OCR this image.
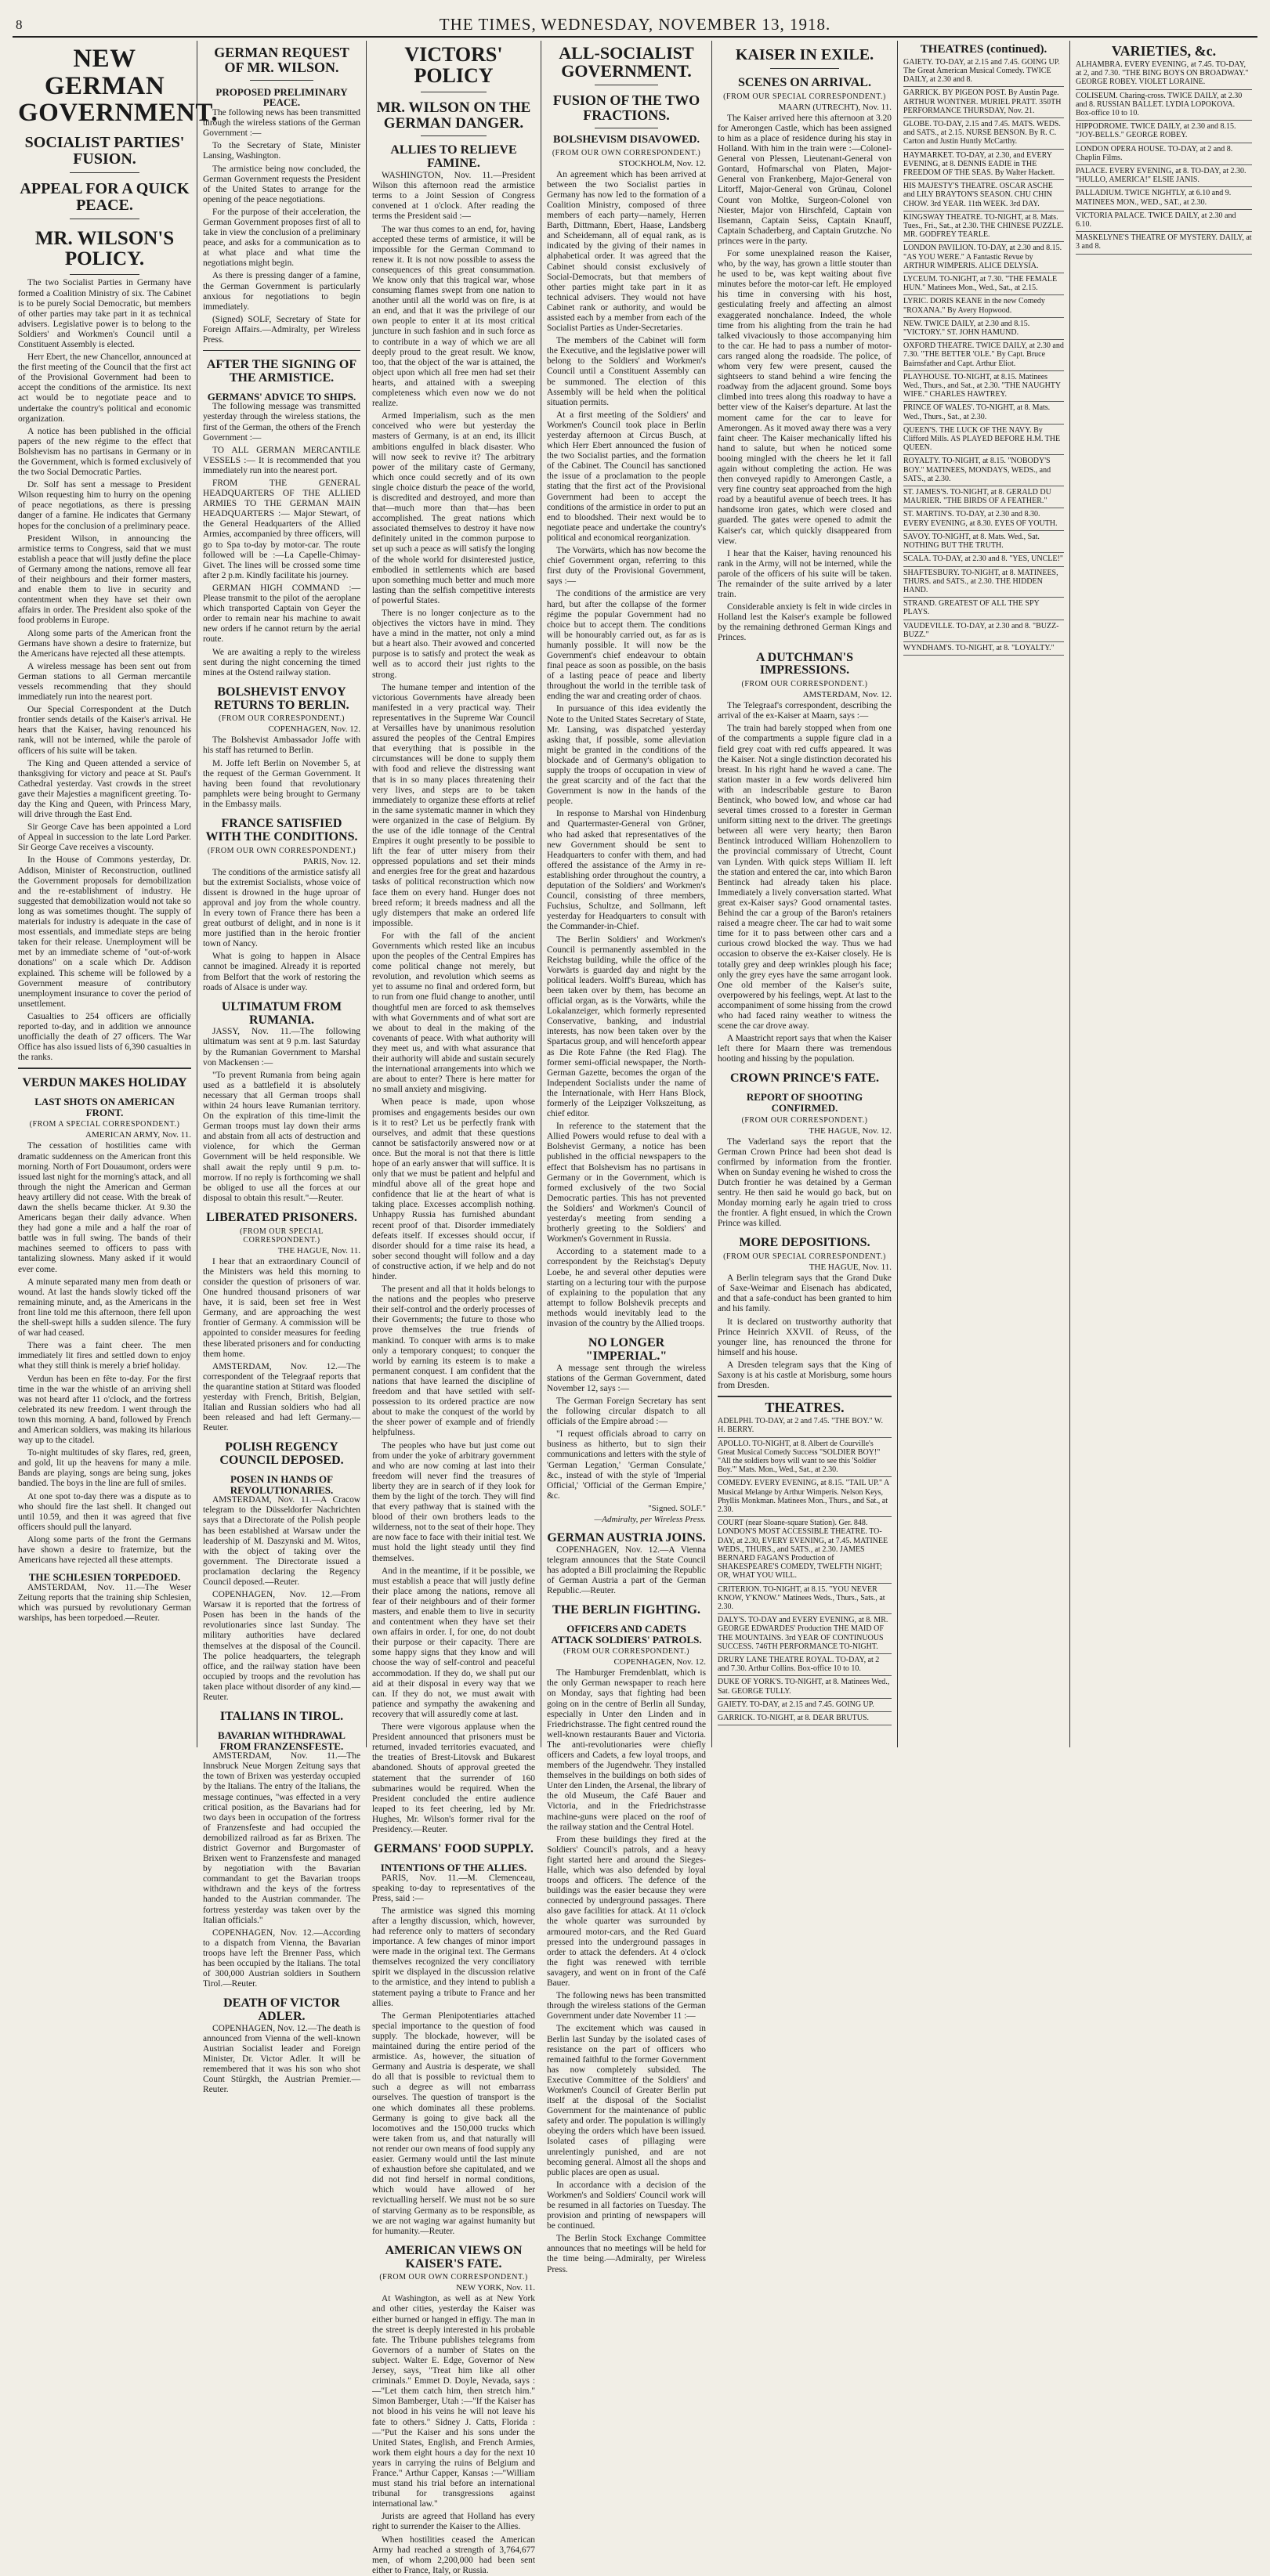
8	THE TIMES, WEDNESDAY, NOVEMBER 13, 1918.
NEW GERMAN GOVERNMENT.
SOCIALIST PARTIES' FUSION.
APPEAL FOR A QUICK PEACE.
MR. WILSON'S POLICY.

The two Socialist Parties in Germany have formed a Coalition Ministry of six. The Cabinet is to be purely Social Democratic, but members of other parties may take part in it as technical advisers. Legislative power is to belong to the Soldiers' and Workmen's Council until a Constituent Assembly is elected.

Herr Ebert, the new Chancellor, announced at the first meeting of the Council that the first act of the Provisional Government had been to accept the conditions of the armistice. Its next act would be to negotiate peace and to undertake the country's political and economic organization.

A notice has been published in the official papers of the new régime to the effect that Bolshevism has no partisans in Germany or in the Government, which is formed exclusively of the two Social Democratic Parties.

Dr. Solf has sent a message to President Wilson requesting him to hurry on the opening of peace negotiations, as there is pressing danger of a famine. He indicates that Germany hopes for the conclusion of a preliminary peace.

President Wilson, in announcing the armistice terms to Congress, said that we must establish a peace that will justly define the place of Germany among the nations, remove all fear of their neighbours and their former masters, and enable them to live in security and contentment when they have set their own affairs in order. The President also spoke of the food problems in Europe.

Along some parts of the American front the Germans have shown a desire to fraternize, but the Americans have rejected all these attempts.

A wireless message has been sent out from German stations to all German mercantile vessels recommending that they should immediately run into the nearest port.

Our Special Correspondent at the Dutch frontier sends details of the Kaiser's arrival. He hears that the Kaiser, having renounced his rank, will not be interned, while the parole of officers of his suite will be taken.

The King and Queen attended a service of thanksgiving for victory and peace at St. Paul's Cathedral yesterday. Vast crowds in the street gave their Majesties a magnificent greeting. To-day the King and Queen, with Princess Mary, will drive through the East End.

Sir George Cave has been appointed a Lord of Appeal in succession to the late Lord Parker. Sir George Cave receives a viscounty.

In the House of Commons yesterday, Dr. Addison, Minister of Reconstruction, outlined the Government proposals for demobilization and the re-establishment of industry. He suggested that demobilization would not take so long as was sometimes thought. The supply of materials for industry is adequate in the case of most essentials, and immediate steps are being taken for their release. Unemployment will be met by an immediate scheme of "out-of-work donations" on a scale which Dr. Addison explained. This scheme will be followed by a Government measure of contributory unemployment insurance to cover the period of unsettlement.

Casualties to 254 officers are officially reported to-day, and in addition we announce unofficially the death of 27 officers. The War Office has also issued lists of 6,390 casualties in the ranks.

VERDUN MAKES HOLIDAY
LAST SHOTS ON AMERICAN FRONT.
(FROM A SPECIAL CORRESPONDENT.)
AMERICAN ARMY, Nov. 11.

The cessation of hostilities came with dramatic suddenness on the American front this morning. North of Fort Douaumont, orders were issued last night for the morning's attack, and all through the night the American and German heavy artillery did not cease. With the break of dawn the shells became thicker. At 9.30 the Americans began their daily advance. When they had gone a mile and a half the roar of battle was in full swing. The bands of their machines seemed to officers to pass with tantalizing slowness. Many asked if it would ever come.

A minute separated many men from death or wound. At last the hands slowly ticked off the remaining minute, and, as the Americans in the front line told me this afternoon, there fell upon the shell-swept hills a sudden silence. The fury of war had ceased.

There was a faint cheer. The men immediately lit fires and settled down to enjoy what they still think is merely a brief holiday.

Verdun has been en fête to-day. For the first time in the war the whistle of an arriving shell was not heard after 11 o'clock, and the fortress celebrated its new freedom. I went through the town this morning. A band, followed by French and American soldiers, was making its hilarious way up to the citadel.

To-night multitudes of sky flares, red, green, and gold, lit up the heavens for many a mile. Bands are playing, songs are being sung, jokes bandied. The boys in the line are full of smiles.

At one spot to-day there was a dispute as to who should fire the last shell. It changed out until 10.59, and then it was agreed that five officers should pull the lanyard.

Along some parts of the front the Germans have shown a desire to fraternize, but the Americans have rejected all these attempts.

THE SCHLESIEN TORPEDOED.

AMSTERDAM, Nov. 11.—The Weser Zeitung reports that the training ship Schlesien, which was pursued by revolutionary German warships, has been torpedoed.—Reuter.

GERMAN REQUEST OF MR. WILSON.
PROPOSED PRELIMINARY PEACE.

The following news has been transmitted through the wireless stations of the German Government :—

To the Secretary of State, Minister Lansing, Washington.

The armistice being now concluded, the German Government requests the President of the United States to arrange for the opening of the peace negotiations.

For the purpose of their acceleration, the German Government proposes first of all to take in view the conclusion of a preliminary peace, and asks for a communication as to at what place and what time the negotiations might begin.

As there is pressing danger of a famine, the German Government is particularly anxious for negotiations to begin immediately.

(Signed) SOLF, Secretary of State for Foreign Affairs.—Admiralty, per Wireless Press.

AFTER THE SIGNING OF THE ARMISTICE.
GERMANS' ADVICE TO SHIPS.

The following message was transmitted yesterday through the wireless stations, the first of the German, the others of the French Government :—

TO ALL GERMAN MERCANTILE VESSELS :— It is recommended that you immediately run into the nearest port.

FROM THE GENERAL HEADQUARTERS OF THE ALLIED ARMIES TO THE GERMAN MAIN HEADQUARTERS :— Major Stewart, of the General Headquarters of the Allied Armies, accompanied by three officers, will go to Spa to-day by motor-car. The route followed will be :—La Capelle-Chimay-Givet. The lines will be crossed some time after 2 p.m. Kindly facilitate his journey.

GERMAN HIGH COMMAND :— Please transmit to the pilot of the aeroplane which transported Captain von Geyer the order to remain near his machine to await new orders if he cannot return by the aerial route.

We are awaiting a reply to the wireless sent during the night concerning the timed mines at the Ostend railway station.

BOLSHEVIST ENVOY RETURNS TO BERLIN.
(FROM OUR CORRESPONDENT.)
COPENHAGEN, Nov. 12.

The Bolshevist Ambassador Joffe with his staff has returned to Berlin.

M. Joffe left Berlin on November 5, at the request of the German Government. It having been found that revolutionary pamphlets were being brought to Germany in the Embassy mails.

FRANCE SATISFIED WITH THE CONDITIONS.
(FROM OUR OWN CORRESPONDENT.)
PARIS, Nov. 12.

The conditions of the armistice satisfy all but the extremist Socialists, whose voice of dissent is drowned in the huge uproar of approval and joy from the whole country. In every town of France there has been a great outburst of delight, and in none is it more justified than in the heroic frontier town of Nancy.

What is going to happen in Alsace cannot be imagined. Already it is reported from Belfort that the work of restoring the roads of Alsace is under way.

ULTIMATUM FROM RUMANIA.

JASSY, Nov. 11.—The following ultimatum was sent at 9 p.m. last Saturday by the Rumanian Government to Marshal von Mackensen :—

"To prevent Rumania from being again used as a battlefield it is absolutely necessary that all German troops shall within 24 hours leave Rumanian territory. On the expiration of this time-limit the German troops must lay down their arms and abstain from all acts of destruction and violence, for which the German Government will be held responsible. We shall await the reply until 9 p.m. to-morrow. If no reply is forthcoming we shall be obliged to use all the forces at our disposal to obtain this result."—Reuter.

LIBERATED PRISONERS.
(FROM OUR SPECIAL CORRESPONDENT.)
THE HAGUE, Nov. 11.

I hear that an extraordinary Council of the Ministers was held this morning to consider the question of prisoners of war. One hundred thousand prisoners of war have, it is said, been set free in West Germany, and are approaching the west frontier of Germany. A commission will be appointed to consider measures for feeding these liberated prisoners and for conducting them home.

AMSTERDAM, Nov. 12.—The correspondent of the Telegraaf reports that the quarantine station at Stitard was flooded yesterday with French, British, Belgian, Italian and Russian soldiers who had all been released and had left Germany.—Reuter.

POLISH REGENCY COUNCIL DEPOSED.
POSEN IN HANDS OF REVOLUTIONARIES.

AMSTERDAM, Nov. 11.—A Cracow telegram to the Düsseldorfer Nachrichten says that a Directorate of the Polish people has been established at Warsaw under the leadership of M. Daszynski and M. Witos, with the object of taking over the government. The Directorate issued a proclamation declaring the Regency Council deposed.—Reuter.

COPENHAGEN, Nov. 12.—From Warsaw it is reported that the fortress of Posen has been in the hands of the revolutionaries since last Sunday. The military authorities have declared themselves at the disposal of the Council. The police headquarters, the telegraph office, and the railway station have been occupied by troops and the revolution has taken place without disorder of any kind.—Reuter.

ITALIANS IN TIROL.
BAVARIAN WITHDRAWAL FROM FRANZENSFESTE.

AMSTERDAM, Nov. 11.—The Innsbruck Neue Morgen Zeitung says that the town of Brixen was yesterday occupied by the Italians. The entry of the Italians, the message continues, "was effected in a very critical position, as the Bavarians had for two days been in occupation of the fortress of Franzensfeste and had occupied the demobilized railroad as far as Brixen. The district Governor and Burgomaster of Brixen went to Franzensfeste and managed by negotiation with the Bavarian commandant to get the Bavarian troops withdrawn and the keys of the fortress handed to the Austrian commander. The fortress yesterday was taken over by the Italian officials."

COPENHAGEN, Nov. 12.—According to a dispatch from Vienna, the Bavarian troops have left the Brenner Pass, which has been occupied by the Italians. The total of 300,000 Austrian soldiers in Southern Tirol.—Reuter.

DEATH OF VICTOR ADLER.

COPENHAGEN, Nov. 12.—The death is announced from Vienna of the well-known Austrian Socialist leader and Foreign Minister, Dr. Victor Adler. It will be remembered that it was his son who shot Count Stürgkh, the Austrian Premier.—Reuter.

VICTORS' POLICY
MR. WILSON ON THE GERMAN DANGER.
ALLIES TO RELIEVE FAMINE.

WASHINGTON, Nov. 11.—President Wilson this afternoon read the armistice terms to a Joint Session of Congress convened at 1 o'clock. After reading the terms the President said :—

The war thus comes to an end, for, having accepted these terms of armistice, it will be impossible for the German Command to renew it. It is not now possible to assess the consequences of this great consummation. We know only that this tragical war, whose consuming flames swept from one nation to another until all the world was on fire, is at an end, and that it was the privilege of our own people to enter it at its most critical juncture in such fashion and in such force as to contribute in a way of which we are all deeply proud to the great result. We know, too, that the object of the war is attained, the object upon which all free men had set their hearts, and attained with a sweeping completeness which even now we do not realize.

Armed Imperialism, such as the men conceived who were but yesterday the masters of Germany, is at an end, its illicit ambitions engulfed in black disaster. Who will now seek to revive it? The arbitrary power of the military caste of Germany, which once could secretly and of its own single choice disturb the peace of the world, is discredited and destroyed, and more than that—much more than that—has been accomplished. The great nations which associated themselves to destroy it have now definitely united in the common purpose to set up such a peace as will satisfy the longing of the whole world for disinterested justice, embodied in settlements which are based upon something much better and much more lasting than the selfish competitive interests of powerful States.

There is no longer conjecture as to the objectives the victors have in mind. They have a mind in the matter, not only a mind but a heart also. Their avowed and concerted purpose is to satisfy and protect the weak as well as to accord their just rights to the strong.

The humane temper and intention of the victorious Governments have already been manifested in a very practical way. Their representatives in the Supreme War Council at Versailles have by unanimous resolution assured the peoples of the Central Empires that everything that is possible in the circumstances will be done to supply them with food and relieve the distressing want that is in so many places threatening their very lives, and steps are to be taken immediately to organize these efforts at relief in the same systematic manner in which they were organized in the case of Belgium. By the use of the idle tonnage of the Central Empires it ought presently to be possible to lift the fear of utter misery from their oppressed populations and set their minds and energies free for the great and hazardous tasks of political reconstruction which now face them on every hand. Hunger does not breed reform; it breeds madness and all the ugly distempers that make an ordered life impossible.

For with the fall of the ancient Governments which rested like an incubus upon the peoples of the Central Empires has come political change not merely, but revolution, and revolution which seems as yet to assume no final and ordered form, but to run from one fluid change to another, until thoughtful men are forced to ask themselves with what Governments and of what sort are we about to deal in the making of the covenants of peace. With what authority will they meet us, and with what assurance that their authority will abide and sustain securely the international arrangements into which we are about to enter? There is here matter for no small anxiety and misgiving.

When peace is made, upon whose promises and engagements besides our own is it to rest? Let us be perfectly frank with ourselves, and admit that these questions cannot be satisfactorily answered now or at once. But the moral is not that there is little hope of an early answer that will suffice. It is only that we must be patient and helpful and mindful above all of the great hope and confidence that lie at the heart of what is taking place. Excesses accomplish nothing. Unhappy Russia has furnished abundant recent proof of that. Disorder immediately defeats itself. If excesses should occur, if disorder should for a time raise its head, a sober second thought will follow and a day of constructive action, if we help and do not hinder.

The present and all that it holds belongs to the nations and the peoples who preserve their self-control and the orderly processes of their Governments; the future to those who prove themselves the true friends of mankind. To conquer with arms is to make only a temporary conquest; to conquer the world by earning its esteem is to make a permanent conquest. I am confident that the nations that have learned the discipline of freedom and that have settled with self-possession to its ordered practice are now about to make the conquest of the world by the sheer power of example and of friendly helpfulness.

The peoples who have but just come out from under the yoke of arbitrary government and who are now coming at last into their freedom will never find the treasures of liberty they are in search of if they look for them by the light of the torch. They will find that every pathway that is stained with the blood of their own brothers leads to the wilderness, not to the seat of their hope. They are now face to face with their initial test. We must hold the light steady until they find themselves.

And in the meantime, if it be possible, we must establish a peace that will justly define their place among the nations, remove all fear of their neighbours and of their former masters, and enable them to live in security and contentment when they have set their own affairs in order. I, for one, do not doubt their purpose or their capacity. There are some happy signs that they know and will choose the way of self-control and peaceful accommodation. If they do, we shall put our aid at their disposal in every way that we can. If they do not, we must await with patience and sympathy the awakening and recovery that will assuredly come at last.

There were vigorous applause when the President announced that prisoners must be returned, invaded territories evacuated, and the treaties of Brest-Litovsk and Bukarest abandoned. Shouts of approval greeted the statement that the surrender of 160 submarines would be required. When the President concluded the entire audience leaped to its feet cheering, led by Mr. Hughes, Mr. Wilson's former rival for the Presidency.—Reuter.

GERMANS' FOOD SUPPLY.
INTENTIONS OF THE ALLIES.

PARIS, Nov. 11.—M. Clemenceau, speaking to-day to representatives of the Press, said :—

The armistice was signed this morning after a lengthy discussion, which, however, had reference only to matters of secondary importance. A few changes of minor import were made in the original text. The Germans themselves recognized the very conciliatory spirit we displayed in the discussion relative to the armistice, and they intend to publish a statement paying a tribute to France and her allies.

The German Plenipotentiaries attached special importance to the question of food supply. The blockade, however, will be maintained during the entire period of the armistice. As, however, the situation of Germany and Austria is desperate, we shall do all that is possible to revictual them to such a degree as will not embarrass ourselves. The question of transport is the one which dominates all these problems. Germany is going to give back all the locomotives and the 150,000 trucks which were taken from us, and that naturally will not render our own means of food supply any easier. Germany would until the last minute of exhaustion before she capitulated, and we did not find herself in normal conditions, which would have allowed of her revictualling herself. We must not be so sure of starving Germany as to be responsible, as we are not waging war against humanity but for humanity.—Reuter.

AMERICAN VIEWS ON KAISER'S FATE.
(FROM OUR OWN CORRESPONDENT.)
NEW YORK, Nov. 11.

At Washington, as well as at New York and other cities, yesterday the Kaiser was either burned or hanged in effigy. The man in the street is deeply interested in his probable fate. The Tribune publishes telegrams from Governors of a number of States on the subject. Walter E. Edge, Governor of New Jersey, says, "Treat him like all other criminals." Emmet D. Doyle, Nevada, says :—"Let them catch him, then stretch him." Simon Bamberger, Utah :—"If the Kaiser has not blood in his veins he will not leave his fate to others." Sidney J. Catts, Florida :—"Put the Kaiser and his sons under the United States, English, and French Armies, work them eight hours a day for the next 10 years in carrying the ruins of Belgium and France." Arthur Capper, Kansas :—"William must stand his trial before an international tribunal for transgressions against international law."

Jurists are agreed that Holland has every right to surrender the Kaiser to the Allies.

When hostilities ceased the American Army had reached a strength of 3,764,677 men, of whom 2,200,000 had been sent either to France, Italy, or Russia.

ALL-SOCIALIST GOVERNMENT.
FUSION OF THE TWO FRACTIONS.
BOLSHEVISM DISAVOWED.
(FROM OUR OWN CORRESPONDENT.)
STOCKHOLM, Nov. 12.

An agreement which has been arrived at between the two Socialist parties in Germany has now led to the formation of a Coalition Ministry, composed of three members of each party—namely, Herren Barth, Dittmann, Ebert, Haase, Landsberg and Scheidemann, all of equal rank, as is indicated by the giving of their names in alphabetical order. It was agreed that the Cabinet should consist exclusively of Social-Democrats, but that members of other parties might take part in it as technical advisers. They would not have Cabinet rank or authority, and would be assisted each by a member from each of the Socialist Parties as Under-Secretaries.

The members of the Cabinet will form the Executive, and the legislative power will belong to the Soldiers' and Workmen's Council until a Constituent Assembly can be summoned. The election of this Assembly will be held when the political situation permits.

At a first meeting of the Soldiers' and Workmen's Council took place in Berlin yesterday afternoon at Circus Busch, at which Herr Ebert announced the fusion of the two Socialist parties, and the formation of the Cabinet. The Council has sanctioned the issue of a proclamation to the people stating that the first act of the Provisional Government had been to accept the conditions of the armistice in order to put an end to bloodshed. Their next would be to negotiate peace and undertake the country's political and economical reorganization.

The Vorwärts, which has now become the chief Government organ, referring to this first duty of the Provisional Government, says :—

The conditions of the armistice are very hard, but after the collapse of the former régime the popular Government had no choice but to accept them. The conditions will be honourably carried out, as far as is humanly possible. It will now be the Government's chief endeavour to obtain final peace as soon as possible, on the basis of a lasting peace of peace and liberty throughout the world in the terrible task of ending the war and creating order of chaos.

In pursuance of this idea evidently the Note to the United States Secretary of State, Mr. Lansing, was dispatched yesterday asking that, if possible, some alleviation might be granted in the conditions of the blockade and of Germany's obligation to supply the troops of occupation in view of the great scarcity and of the fact that the Government is now in the hands of the people.

In response to Marshal von Hindenburg and Quartermaster-General von Gröner, who had asked that representatives of the new Government should be sent to Headquarters to confer with them, and had offered the assistance of the Army in re-establishing order throughout the country, a deputation of the Soldiers' and Workmen's Council, consisting of three members, Fuchsius, Schultze, and Sollmann, left yesterday for Headquarters to consult with the Commander-in-Chief.

The Berlin Soldiers' and Workmen's Council is permanently assembled in the Reichstag building, while the office of the Vorwärts is guarded day and night by the political leaders. Wolff's Bureau, which has been taken over by them, has become an official organ, as is the Vorwärts, while the Lokalanzeiger, which formerly represented Conservative, banking, and industrial interests, has now been taken over by the Spartacus group, and will henceforth appear as Die Rote Fahne (the Red Flag). The former semi-official newspaper, the North-German Gazette, becomes the organ of the Independent Socialists under the name of the Internationale, with Herr Hans Block, formerly of the Leipziger Volkszeitung, as chief editor.

In reference to the statement that the Allied Powers would refuse to deal with a Bolshevist Germany, a notice has been published in the official newspapers to the effect that Bolshevism has no partisans in Germany or in the Government, which is formed exclusively of the two Social Democratic parties. This has not prevented the Soldiers' and Workmen's Council of yesterday's meeting from sending a brotherly greeting to the Soldiers' and Workmen's Government in Russia.

According to a statement made to a correspondent by the Reichstag's Deputy Loebe, he and several other deputies were starting on a lecturing tour with the purpose of explaining to the population that any attempt to follow Bolshevik precepts and methods would inevitably lead to the invasion of the country by the Allied troops.

NO LONGER "IMPERIAL."

A message sent through the wireless stations of the German Government, dated November 12, says :—

The German Foreign Secretary has sent the following circular dispatch to all officials of the Empire abroad :—

"I request officials abroad to carry on business as hitherto, but to sign their communications and letters with the style of 'German Legation,' 'German Consulate,' &c., instead of with the style of 'Imperial Official,' 'Official of the German Empire,' &c.

"Signed. SOLF."
—Admiralty, per Wireless Press.
GERMAN AUSTRIA JOINS.

COPENHAGEN, Nov. 12.—A Vienna telegram announces that the State Council has adopted a Bill proclaiming the Republic of German Austria a part of the German Republic.—Reuter.

THE BERLIN FIGHTING.
OFFICERS AND CADETS ATTACK SOLDIERS' PATROLS.
(FROM OUR CORRESPONDENT.)
COPENHAGEN, Nov. 12.

The Hamburger Fremdenblatt, which is the only German newspaper to reach here on Monday, says that fighting had been going on in the centre of Berlin all Sunday, especially in Unter den Linden and in Friedrichstrasse. The fight centred round the well-known restaurants Bauer and Victoria. The anti-revolutionaries were chiefly officers and Cadets, a few loyal troops, and members of the Jugendwehr. They installed themselves in the buildings on both sides of Unter den Linden, the Arsenal, the library of the old Museum, the Café Bauer and Victoria, and in the Friedrichstrasse machine-guns were placed on the roof of the railway station and the Central Hotel.

From these buildings they fired at the Soldiers' Council's patrols, and a heavy fight started here and around the Sieges-Halle, which was also defended by loyal troops and officers. The defence of the buildings was the easier because they were connected by underground passages. There also gave facilities for attack. At 11 o'clock the whole quarter was surrounded by armoured motor-cars, and the Red Guard pressed into the underground passages in order to attack the defenders. At 4 o'clock the fight was renewed with terrible savagery, and went on in front of the Café Bauer.

The following news has been transmitted through the wireless stations of the German Government under date November 11 :—

The excitement which was caused in Berlin last Sunday by the isolated cases of resistance on the part of officers who remained faithful to the former Government has now completely subsided. The Executive Committee of the Soldiers' and Workmen's Council of Greater Berlin put itself at the disposal of the Socialist Government for the maintenance of public safety and order. The population is willingly obeying the orders which have been issued. Isolated cases of pillaging were unrelentingly punished, and are not becoming general. Almost all the shops and public places are open as usual.

In accordance with a decision of the Workmen's and Soldiers' Council work will be resumed in all factories on Tuesday. The provision and printing of newspapers will be continued.

The Berlin Stock Exchange Committee announces that no meetings will be held for the time being.—Admiralty, per Wireless Press.

KAISER IN EXILE.
SCENES ON ARRIVAL.
(FROM OUR SPECIAL CORRESPONDENT.)
MAARN (UTRECHT), Nov. 11.

The Kaiser arrived here this afternoon at 3.20 for Amerongen Castle, which has been assigned to him as a place of residence during his stay in Holland. With him in the train were :—Colonel-General von Plessen, Lieutenant-General von Gontard, Hofmarschal von Platen, Major-General von Frankenberg, Major-General von Litorff, Major-General von Grünau, Colonel Count von Moltke, Surgeon-Colonel von Niester, Major von Hirschfeld, Captain von Ilsemann, Captain Seiss, Captain Knauff, Captain Schaderberg, and Captain Grutzche. No princes were in the party.

For some unexplained reason the Kaiser, who, by the way, has grown a little stouter than he used to be, was kept waiting about five minutes before the motor-car left. He employed his time in conversing with his host, gesticulating freely and affecting an almost exaggerated nonchalance. Indeed, the whole time from his alighting from the train he had talked vivaciously to those accompanying him to the car. He had to pass a number of motor-cars ranged along the roadside. The police, of whom very few were present, caused the sightseers to stand behind a wire fencing the roadway from the adjacent ground. Some boys climbed into trees along this roadway to have a better view of the Kaiser's departure. At last the moment came for the car to leave for Amerongen. As it moved away there was a very faint cheer. The Kaiser mechanically lifted his hand to salute, but when he noticed some booing mingled with the cheers he let it fall again without completing the action. He was then conveyed rapidly to Amerongen Castle, a very fine country seat approached from the high road by a beautiful avenue of beech trees. It has handsome iron gates, which were closed and guarded. The gates were opened to admit the Kaiser's car, which quickly disappeared from view.

I hear that the Kaiser, having renounced his rank in the Army, will not be interned, while the parole of the officers of his suite will be taken. The remainder of the suite arrived by a later train.

Considerable anxiety is felt in wide circles in Holland lest the Kaiser's example be followed by the remaining dethroned German Kings and Princes.

A DUTCHMAN'S IMPRESSIONS.
(FROM OUR CORRESPONDENT.)
AMSTERDAM, Nov. 12.

The Telegraaf's correspondent, describing the arrival of the ex-Kaiser at Maarn, says :—

The train had barely stopped when from one of the compartments a supple figure clad in a field grey coat with red cuffs appeared. It was the Kaiser. Not a single distinction decorated his breast. In his right hand he waved a cane. The station master in a few words delivered him with an indescribable gesture to Baron Bentinck, who bowed low, and whose car had several times crossed to a forester in German uniform sitting next to the driver. The greetings between all were very hearty; then Baron Bentinck introduced William Hohenzollern to the provincial commissary of Utrecht, Count van Lynden. With quick steps William II. left the station and entered the car, into which Baron Bentinck had already taken his place. Immediately a lively conversation started. What great ex-Kaiser says? Good ornamental tastes. Behind the car a group of the Baron's retainers raised a meagre cheer. The car had to wait some time for it to pass between other cars and a curious crowd blocked the way. Thus we had occasion to observe the ex-Kaiser closely. He is totally grey and deep wrinkles plough his face; only the grey eyes have the same arrogant look. One old member of the Kaiser's suite, overpowered by his feelings, wept. At last to the accompaniment of some hissing from the crowd who had faced rainy weather to witness the scene the car drove away.

A Maastricht report says that when the Kaiser left there for Maarn there was tremendous hooting and hissing by the population.

CROWN PRINCE'S FATE.
REPORT OF SHOOTING CONFIRMED.
(FROM OUR CORRESPONDENT.)
THE HAGUE, Nov. 12.

The Vaderland says the report that the German Crown Prince had been shot dead is confirmed by information from the frontier. When on Sunday evening he wished to cross the Dutch frontier he was detained by a German sentry. He then said he would go back, but on Monday morning early he again tried to cross the frontier. A fight ensued, in which the Crown Prince was killed.

MORE DEPOSITIONS.
(FROM OUR SPECIAL CORRESPONDENT.)
THE HAGUE, Nov. 11.

A Berlin telegram says that the Grand Duke of Saxe-Weimar and Eisenach has abdicated, and that a safe-conduct has been granted to him and his family.

It is declared on trustworthy authority that Prince Heinrich XXVII. of Reuss, of the younger line, has renounced the throne for himself and his house.

A Dresden telegram says that the King of Saxony is at his castle at Morisburg, some hours from Dresden.

THEATRES.
ADELPHI. TO-DAY, at 2 and 7.45. "THE BOY." W. H. BERRY.
APOLLO. TO-NIGHT, at 8. Albert de Courville's Great Musical Comedy Success "SOLDIER BOY!" "All the soldiers boys will want to see this 'Soldier Boy.'" Mats. Mon., Wed., Sat., at 2.30.
COMEDY. EVERY EVENING, at 8.15. "TAIL UP." A Musical Melange by Arthur Wimperis. Nelson Keys, Phyllis Monkman. Matinees Mon., Thurs., and Sat., at 2.30.
COURT (near Sloane-square Station). Ger. 848. LONDON'S MOST ACCESSIBLE THEATRE. TO-DAY, at 2.30, EVERY EVENING, at 7.45. MATINEE WEDS., THURS., and SATS., at 2.30. JAMES BERNARD FAGAN'S Production of SHAKESPEARE'S COMEDY, TWELFTH NIGHT; OR, WHAT YOU WILL.
CRITERION. TO-NIGHT, at 8.15. "YOU NEVER KNOW, Y'KNOW." Matinees Weds., Thurs., Sats., at 2.30.
DALY'S. TO-DAY and EVERY EVENING, at 8. MR. GEORGE EDWARDES' Production THE MAID OF THE MOUNTAINS. 3rd YEAR OF CONTINUOUS SUCCESS. 746TH PERFORMANCE TO-NIGHT.
DRURY LANE THEATRE ROYAL. TO-DAY, at 2 and 7.30. Arthur Collins. Box-office 10 to 10.
DUKE OF YORK'S. TO-NIGHT, at 8. Matinees Wed., Sat. GEORGE TULLY.
GAIETY. TO-DAY, at 2.15 and 7.45. GOING UP.
GARRICK. TO-NIGHT, at 8. DEAR BRUTUS.
THEATRES (continued).
GAIETY. TO-DAY, at 2.15 and 7.45. GOING UP. The Great American Musical Comedy. TWICE DAILY, at 2.30 and 8.
GARRICK. BY PIGEON POST. By Austin Page. ARTHUR WONTNER. MURIEL PRATT. 350TH PERFORMANCE THURSDAY, Nov. 21.
GLOBE. TO-DAY, 2.15 and 7.45. MATS. WEDS. and SATS., at 2.15. NURSE BENSON. By R. C. Carton and Justin Huntly McCarthy.
HAYMARKET. TO-DAY, at 2.30, and EVERY EVENING, at 8. DENNIS EADIE in THE FREEDOM OF THE SEAS. By Walter Hackett.
HIS MAJESTY'S THEATRE. OSCAR ASCHE and LILY BRAYTON'S SEASON. CHU CHIN CHOW. 3rd YEAR. 11th WEEK. 3rd DAY.
KINGSWAY THEATRE. TO-NIGHT, at 8. Mats. Tues., Fri., Sat., at 2.30. THE CHINESE PUZZLE. MR. GODFREY TEARLE.
LONDON PAVILION. TO-DAY, at 2.30 and 8.15. "AS YOU WERE." A Fantastic Revue by ARTHUR WIMPERIS. ALICE DELYSIA.
LYCEUM. TO-NIGHT, at 7.30. "THE FEMALE HUN." Matinees Mon., Wed., Sat., at 2.15.
LYRIC. DORIS KEANE in the new Comedy "ROXANA." By Avery Hopwood.
NEW. TWICE DAILY, at 2.30 and 8.15. "VICTORY." ST. JOHN HAMUND.
OXFORD THEATRE. TWICE DAILY, at 2.30 and 7.30. "THE BETTER 'OLE." By Capt. Bruce Bairnsfather and Capt. Arthur Eliot.
PLAYHOUSE. TO-NIGHT, at 8.15. Matinees Wed., Thurs., and Sat., at 2.30. "THE NAUGHTY WIFE." CHARLES HAWTREY.
PRINCE OF WALES'. TO-NIGHT, at 8. Mats. Wed., Thurs., Sat., at 2.30.
QUEEN'S. THE LUCK OF THE NAVY. By Clifford Mills. AS PLAYED BEFORE H.M. THE QUEEN.
ROYALTY. TO-NIGHT, at 8.15. "NOBODY'S BOY." MATINEES, MONDAYS, WEDS., and SATS., at 2.30.
ST. JAMES'S. TO-NIGHT, at 8. GERALD DU MAURIER. "THE BIRDS OF A FEATHER."
ST. MARTIN'S. TO-DAY, at 2.30 and 8.30. EVERY EVENING, at 8.30. EYES OF YOUTH.
SAVOY. TO-NIGHT, at 8. Mats. Wed., Sat. NOTHING BUT THE TRUTH.
SCALA. TO-DAY, at 2.30 and 8. "YES, UNCLE!"
SHAFTESBURY. TO-NIGHT, at 8. MATINEES, THURS. and SATS., at 2.30. THE HIDDEN HAND.
STRAND. GREATEST OF ALL THE SPY PLAYS.
VAUDEVILLE. TO-DAY, at 2.30 and 8. "BUZZ-BUZZ."
WYNDHAM'S. TO-NIGHT, at 8. "LOYALTY."
VARIETIES, &c.
ALHAMBRA. EVERY EVENING, at 7.45. TO-DAY, at 2, and 7.30. "THE BING BOYS ON BROADWAY." GEORGE ROBEY. VIOLET LORAINE.
COLISEUM. Charing-cross. TWICE DAILY, at 2.30 and 8. RUSSIAN BALLET. LYDIA LOPOKOVA. Box-office 10 to 10.
HIPPODROME. TWICE DAILY, at 2.30 and 8.15. "JOY-BELLS." GEORGE ROBEY.
LONDON OPERA HOUSE. TO-DAY, at 2 and 8. Chaplin Films.
PALACE. EVERY EVENING, at 8. TO-DAY, at 2.30. "HULLO, AMERICA!" ELSIE JANIS.
PALLADIUM. TWICE NIGHTLY, at 6.10 and 9. MATINEES MON., WED., SAT., at 2.30.
VICTORIA PALACE. TWICE DAILY, at 2.30 and 6.10.
MASKELYNE'S THEATRE OF MYSTERY. DAILY, at 3 and 8.
